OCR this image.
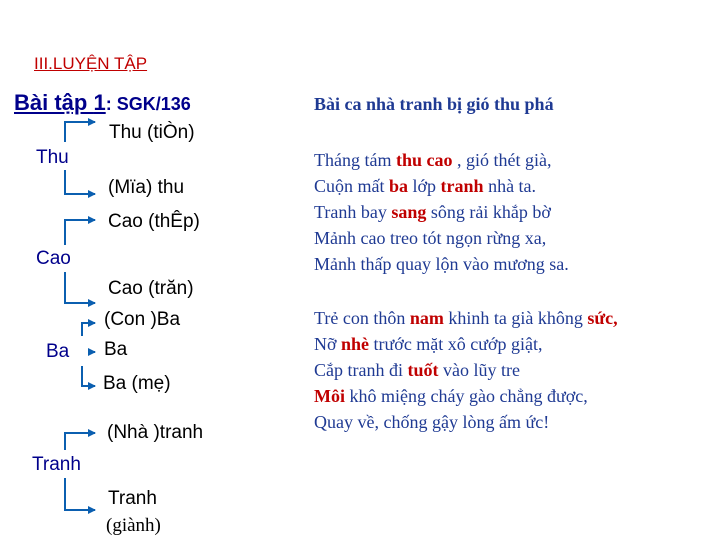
III.LUYỆN TẬP
Bài tập 1: SGK/136
Thu
Cao
Ba
Tranh
Thu (tiÒn)
(Mïa) thu
Cao (thÊp)
Cao (trăn)
(Con )Ba
Ba
Ba (mẹ)
(Nhà )tranh
Tranh
(giành)
Bài ca nhà tranh bị gió thu phá
Tháng tám thu cao , gió thét già,
Cuộn mất ba lớp tranh nhà ta.
Tranh bay sang sông rải khắp bờ
Mảnh cao treo tót ngọn rừng xa,
Mảnh thấp quay lộn vào mương sa.
Trẻ con thôn nam khinh ta già không sức,
Nỡ nhè trước mặt xô cướp giật,
Cắp tranh đi tuốt vào lũy tre
Môi khô miệng cháy gào chẳng được,
Quay về, chống gậy lòng ấm ức!
